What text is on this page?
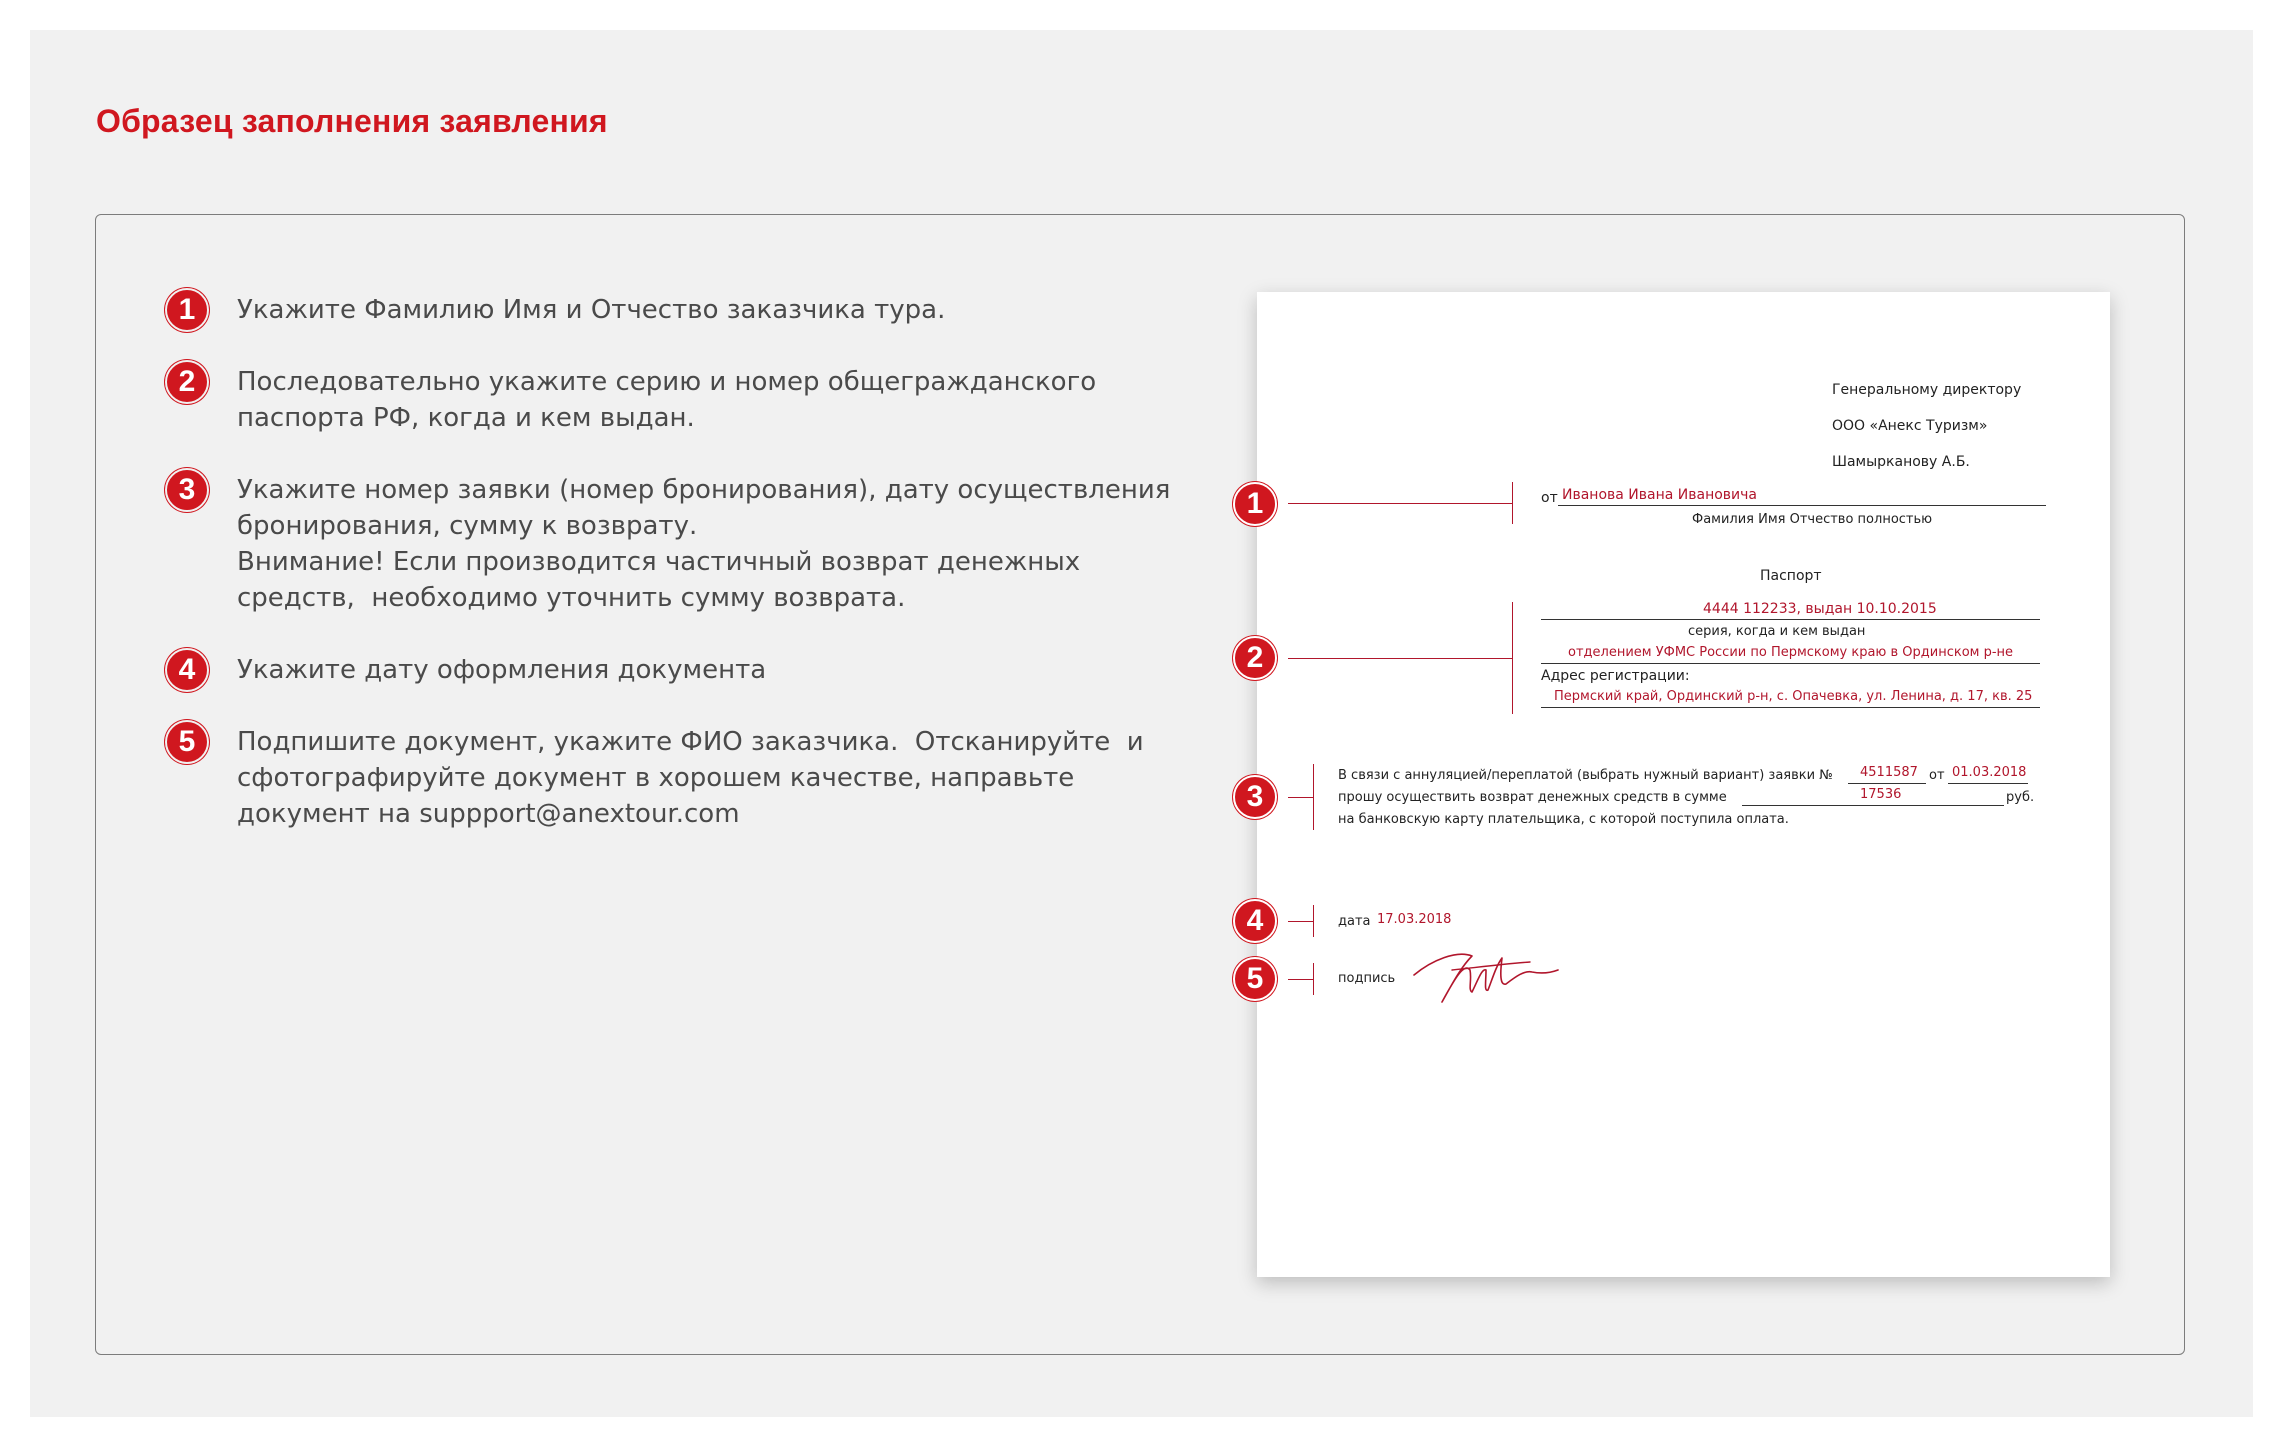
Образец заполнения заявления
1	Укажите Фамилию Имя и Отчество заказчика тура.
2	Последовательно укажите серию и номер общегражданского
паспорта РФ, когда и кем выдан.
3	Укажите номер заявки (номер бронирования), дату осуществления
бронирования, сумму к возврату.
Внимание! Если производится частичный возврат денежных
средств,  необходимо уточнить сумму возврата.
4	Укажите дату оформления документа
5	Подпишите документ, укажите ФИО заказчика.  Отсканируйте  и
сфотографируйте документ в хорошем качестве, направьте
документ на suppport@anextour.com
Генеральному директору
ООО «Анекс Туризм»
Шамырканову А.Б.
1	от Иванова Ивана Ивановича
Фамилия Имя Отчество полностью
Паспорт
2
4444 112233, выдан 10.10.2015
серия, когда и кем выдан
отделением УФМС России по Пермскому краю в Ординском р-не
Адрес регистрации:
Пермский край, Ординский р-н, с. Опачевка, ул. Ленина, д. 17, кв. 25
3
В связи с аннуляцией/переплатой (выбрать нужный вариант) заявки № 4511587 от 01.03.2018
прошу осуществить возврат денежных средств в сумме	17536	руб.
на банковскую карту плательщика, с которой поступила оплата.
4	дата 17.03.2018
5	подпись
